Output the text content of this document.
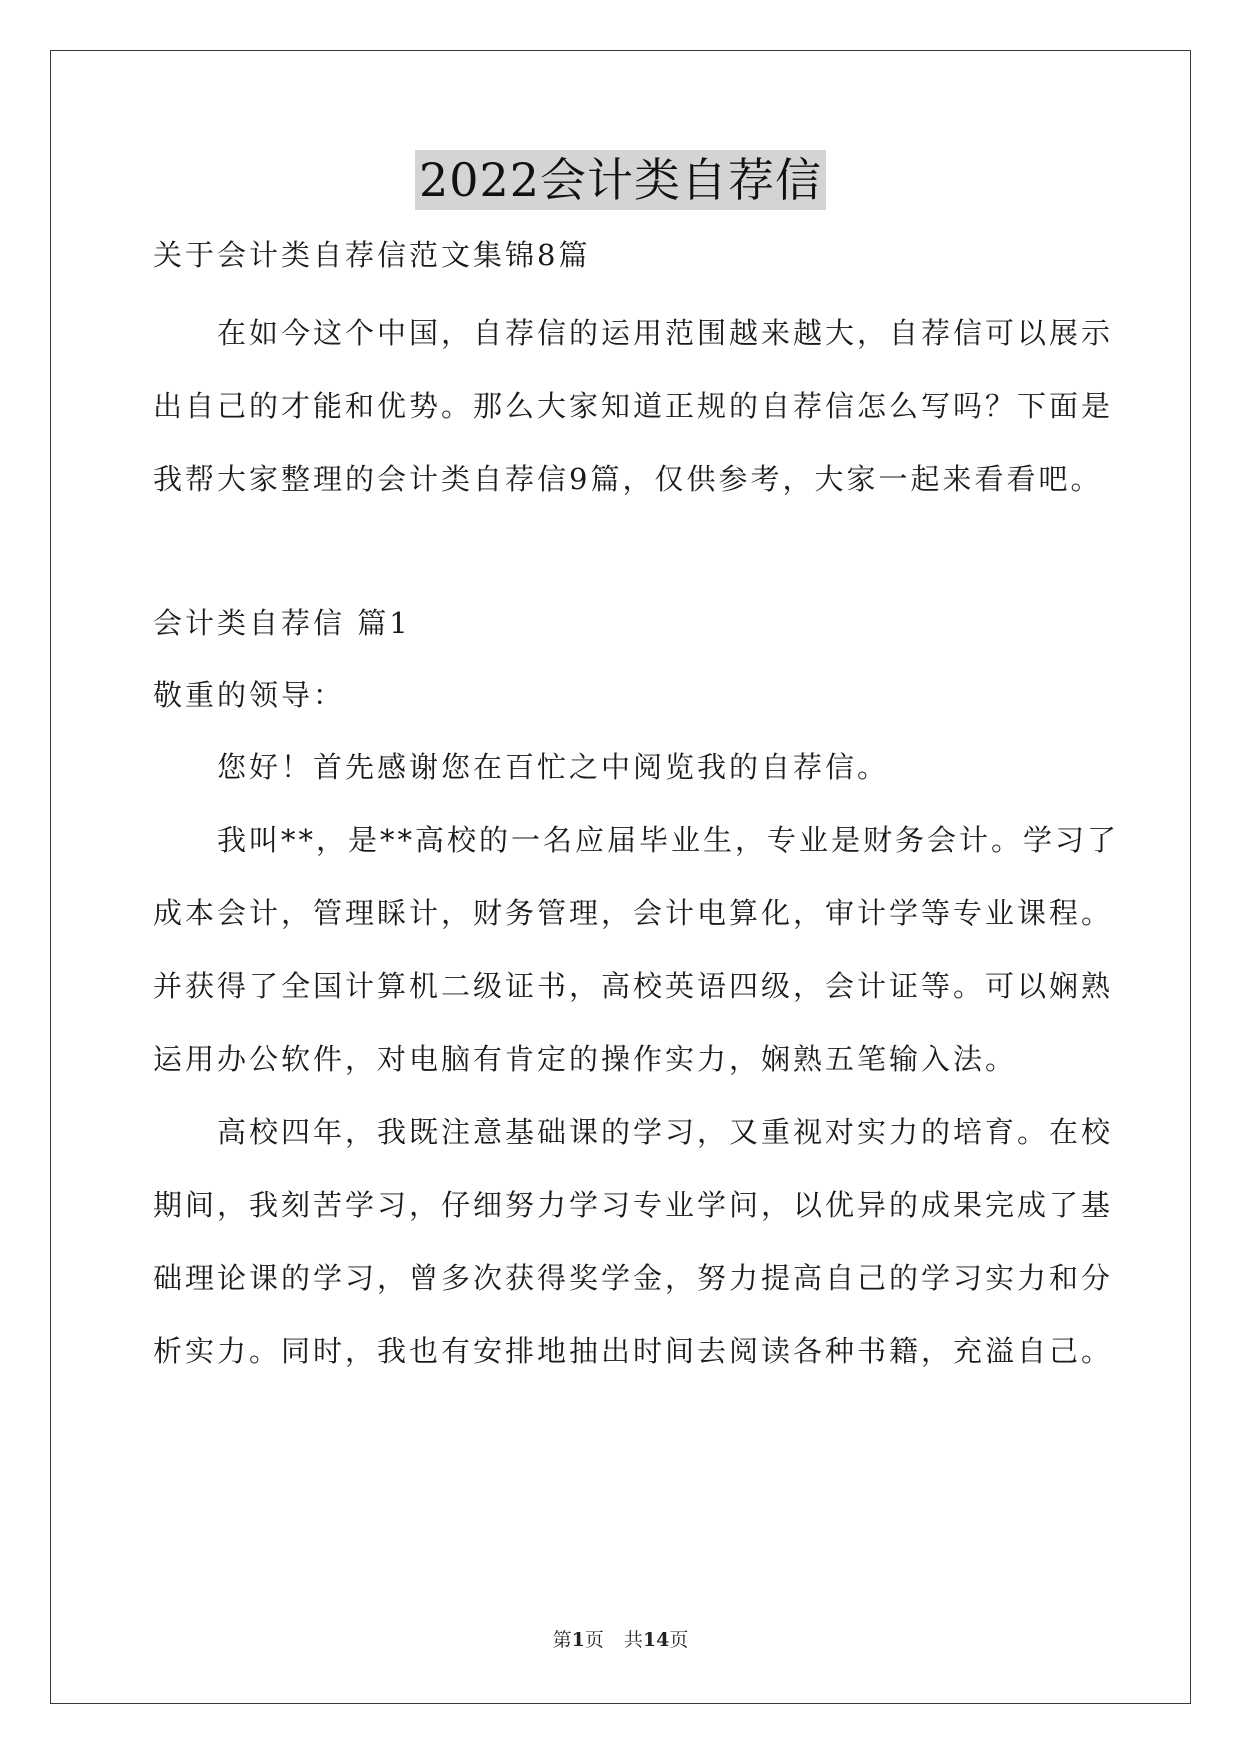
2022会计类自荐信
关于会计类自荐信范文集锦8篇
在如今这个中国，自荐信的运用范围越来越大，自荐信可以展示
出自己的才能和优势。那么大家知道正规的自荐信怎么写吗？下面是
我帮大家整理的会计类自荐信9篇，仅供参考，大家一起来看看吧。
会计类自荐信 篇1
敬重的领导：
您好！首先感谢您在百忙之中阅览我的自荐信。
我叫**，是**高校的一名应届毕业生，专业是财务会计。学习了
成本会计，管理睬计，财务管理，会计电算化，审计学等专业课程。
并获得了全国计算机二级证书，高校英语四级，会计证等。可以娴熟
运用办公软件，对电脑有肯定的操作实力，娴熟五笔输入法。
高校四年，我既注意基础课的学习，又重视对实力的培育。在校
期间，我刻苦学习，仔细努力学习专业学问，以优异的成果完成了基
础理论课的学习，曾多次获得奖学金，努力提高自己的学习实力和分
析实力。同时，我也有安排地抽出时间去阅读各种书籍，充溢自己。
第1页 共14页
